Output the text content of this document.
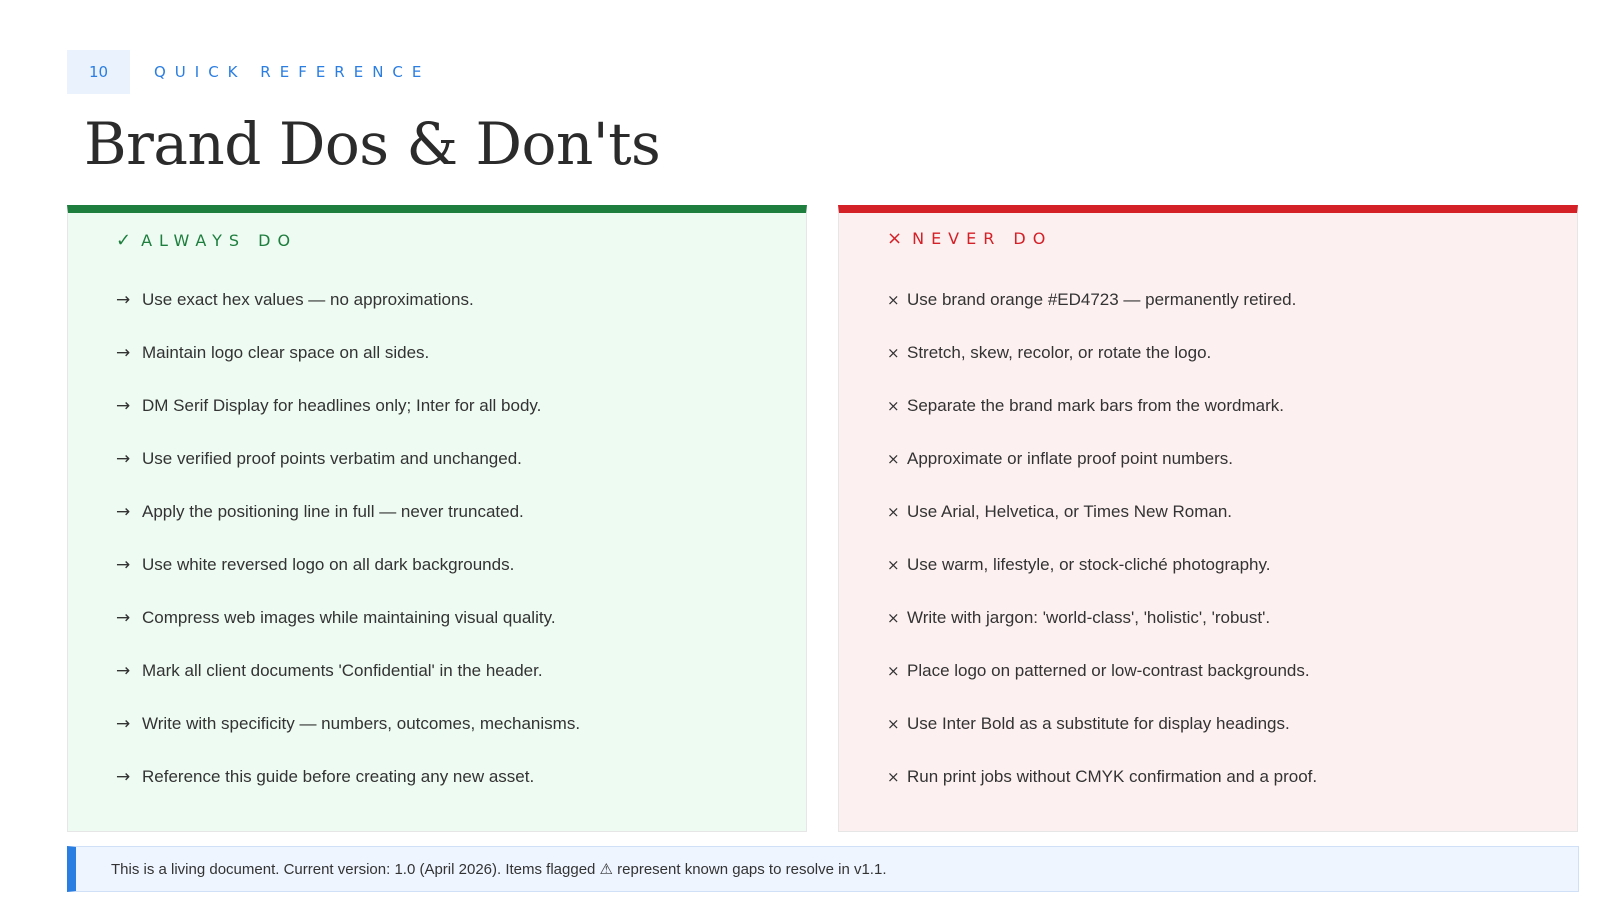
10	QUICK REFERENCE
Brand Dos & Don'ts
✓ ALWAYS DO
→ Use exact hex values — no approximations.
→ Maintain logo clear space on all sides.
→ DM Serif Display for headlines only; Inter for all body.
→ Use verified proof points verbatim and unchanged.
→ Apply the positioning line in full — never truncated.
→ Use white reversed logo on all dark backgrounds.
→ Compress web images while maintaining visual quality.
→ Mark all client documents 'Confidential' in the header.
→ Write with specificity — numbers, outcomes, mechanisms.
→ Reference this guide before creating any new asset.
× NEVER DO
× Use brand orange #ED4723 — permanently retired.
× Stretch, skew, recolor, or rotate the logo.
× Separate the brand mark bars from the wordmark.
× Approximate or inflate proof point numbers.
× Use Arial, Helvetica, or Times New Roman.
× Use warm, lifestyle, or stock-cliché photography.
× Write with jargon: 'world-class', 'holistic', 'robust'.
× Place logo on patterned or low-contrast backgrounds.
× Use Inter Bold as a substitute for display headings.
× Run print jobs without CMYK confirmation and a proof.
This is a living document. Current version: 1.0 (April 2026). Items flagged ⚠ represent known gaps to resolve in v1.1.
